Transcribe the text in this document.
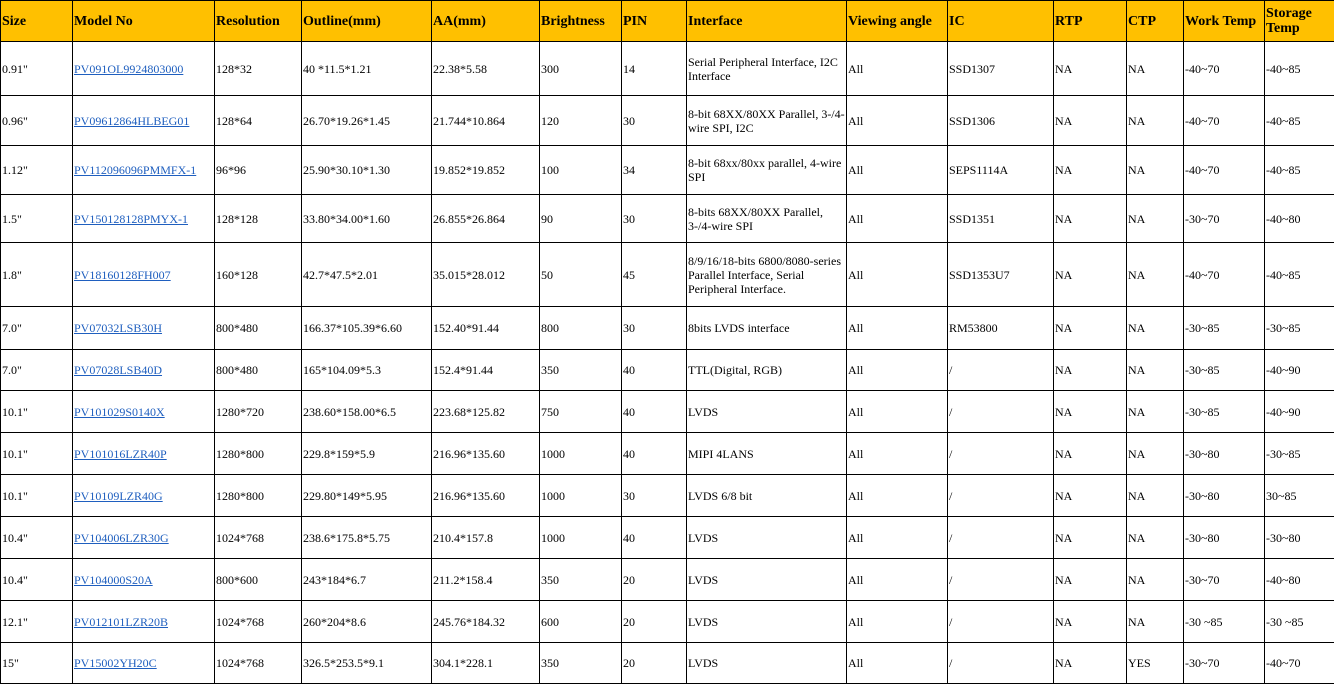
Size	Model No	Resolution	Outline(mm)	AA(mm)	Brightness	PIN	Interface	Viewing angle	IC	RTP	CTP	Work Temp	Storage Temp
0.91"	PV091OL9924803000	128*32	40 *11.5*1.21	22.38*5.58	300	14	Serial Peripheral Interface, I2C Interface	All	SSD1307	NA	NA	-40~70	-40~85
0.96"	PV09612864HLBEG01	128*64	26.70*19.26*1.45	21.744*10.864	120	30	8-bit 68XX/80XX Parallel, 3-/4-wire SPI, I2C	All	SSD1306	NA	NA	-40~70	-40~85
1.12"	PV112096096PMMFX-1	96*96	25.90*30.10*1.30	19.852*19.852	100	34	8-bit 68xx/80xx parallel, 4-wire SPI	All	SEPS1114A	NA	NA	-40~70	-40~85
1.5"	PV150128128PMYX-1	128*128	33.80*34.00*1.60	26.855*26.864	90	30	8-bits 68XX/80XX Parallel, 3-/4-wire SPI	All	SSD1351	NA	NA	-30~70	-40~80
1.8"	PV18160128FH007	160*128	42.7*47.5*2.01	35.015*28.012	50	45	8/9/16/18-bits 6800/8080-series Parallel Interface, Serial Peripheral Interface.	All	SSD1353U7	NA	NA	-40~70	-40~85
7.0"	PV07032LSB30H	800*480	166.37*105.39*6.60	152.40*91.44	800	30	8bits LVDS interface	All	RM53800	NA	NA	-30~85	-30~85
7.0"	PV07028LSB40D	800*480	165*104.09*5.3	152.4*91.44	350	40	TTL(Digital, RGB)	All	/	NA	NA	-30~85	-40~90
10.1"	PV101029S0140X	1280*720	238.60*158.00*6.5	223.68*125.82	750	40	LVDS	All	/	NA	NA	-30~85	-40~90
10.1"	PV101016LZR40P	1280*800	229.8*159*5.9	216.96*135.60	1000	40	MIPI 4LANS	All	/	NA	NA	-30~80	-30~85
10.1"	PV10109LZR40G	1280*800	229.80*149*5.95	216.96*135.60	1000	30	LVDS 6/8 bit	All	/	NA	NA	-30~80	30~85
10.4"	PV104006LZR30G	1024*768	238.6*175.8*5.75	210.4*157.8	1000	40	LVDS	All	/	NA	NA	-30~80	-30~80
10.4"	PV104000S20A	800*600	243*184*6.7	211.2*158.4	350	20	LVDS	All	/	NA	NA	-30~70	-40~80
12.1"	PV012101LZR20B	1024*768	260*204*8.6	245.76*184.32	600	20	LVDS	All	/	NA	NA	-30 ~85	-30 ~85
15"	PV15002YH20C	1024*768	326.5*253.5*9.1	304.1*228.1	350	20	LVDS	All	/	NA	YES	-30~70	-40~70
